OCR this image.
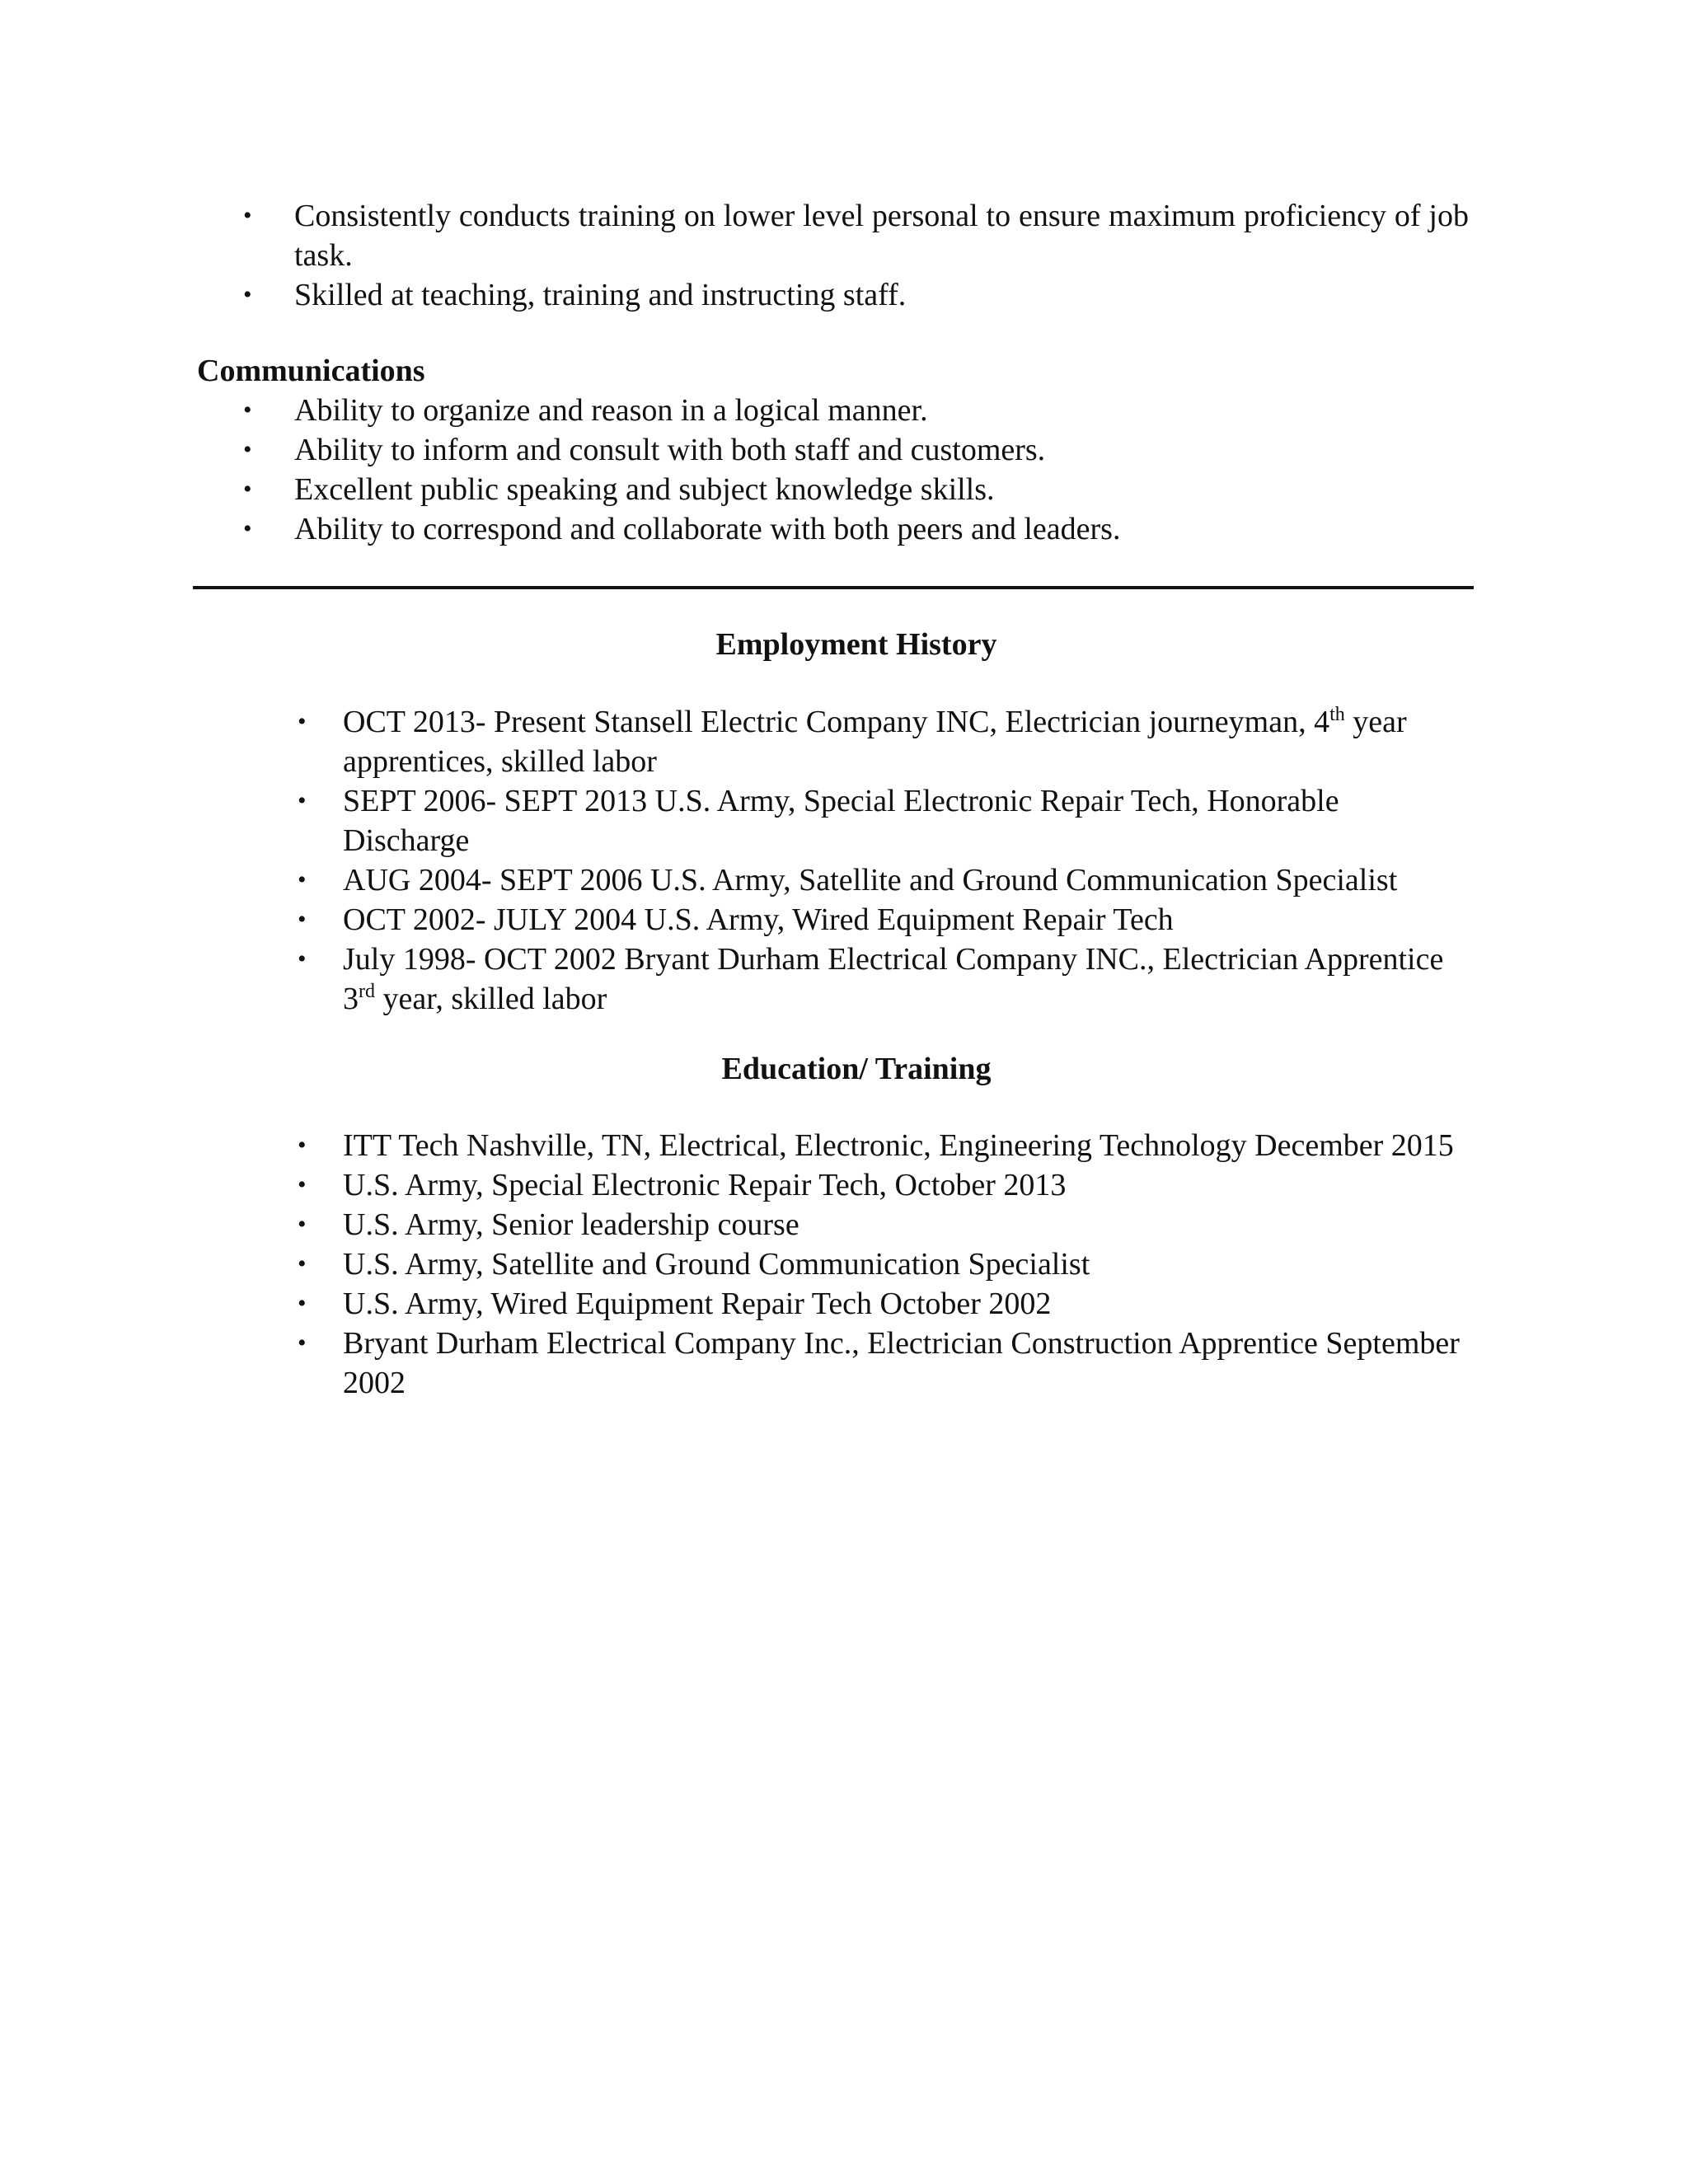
• Consistently conducts training on lower level personal to ensure maximum proficiency of job task.
• Skilled at teaching, training and instructing staff.
Communications
• Ability to organize and reason in a logical manner.
• Ability to inform and consult with both staff and customers.
• Excellent public speaking and subject knowledge skills.
• Ability to correspond and collaborate with both peers and leaders.
Employment History
• OCT 2013- Present Stansell Electric Company INC, Electrician journeyman, 4th year apprentices, skilled labor
• SEPT 2006- SEPT 2013 U.S. Army, Special Electronic Repair Tech, Honorable Discharge
• AUG 2004- SEPT 2006 U.S. Army, Satellite and Ground Communication Specialist
• OCT 2002- JULY 2004 U.S. Army, Wired Equipment Repair Tech
• July 1998- OCT 2002 Bryant Durham Electrical Company INC., Electrician Apprentice 3rd year, skilled labor
Education/ Training
• ITT Tech Nashville, TN, Electrical, Electronic, Engineering Technology December 2015
• U.S. Army, Special Electronic Repair Tech, October 2013
• U.S. Army, Senior leadership course
• U.S. Army, Satellite and Ground Communication Specialist
• U.S. Army, Wired Equipment Repair Tech October 2002
• Bryant Durham Electrical Company Inc., Electrician Construction Apprentice September 2002
